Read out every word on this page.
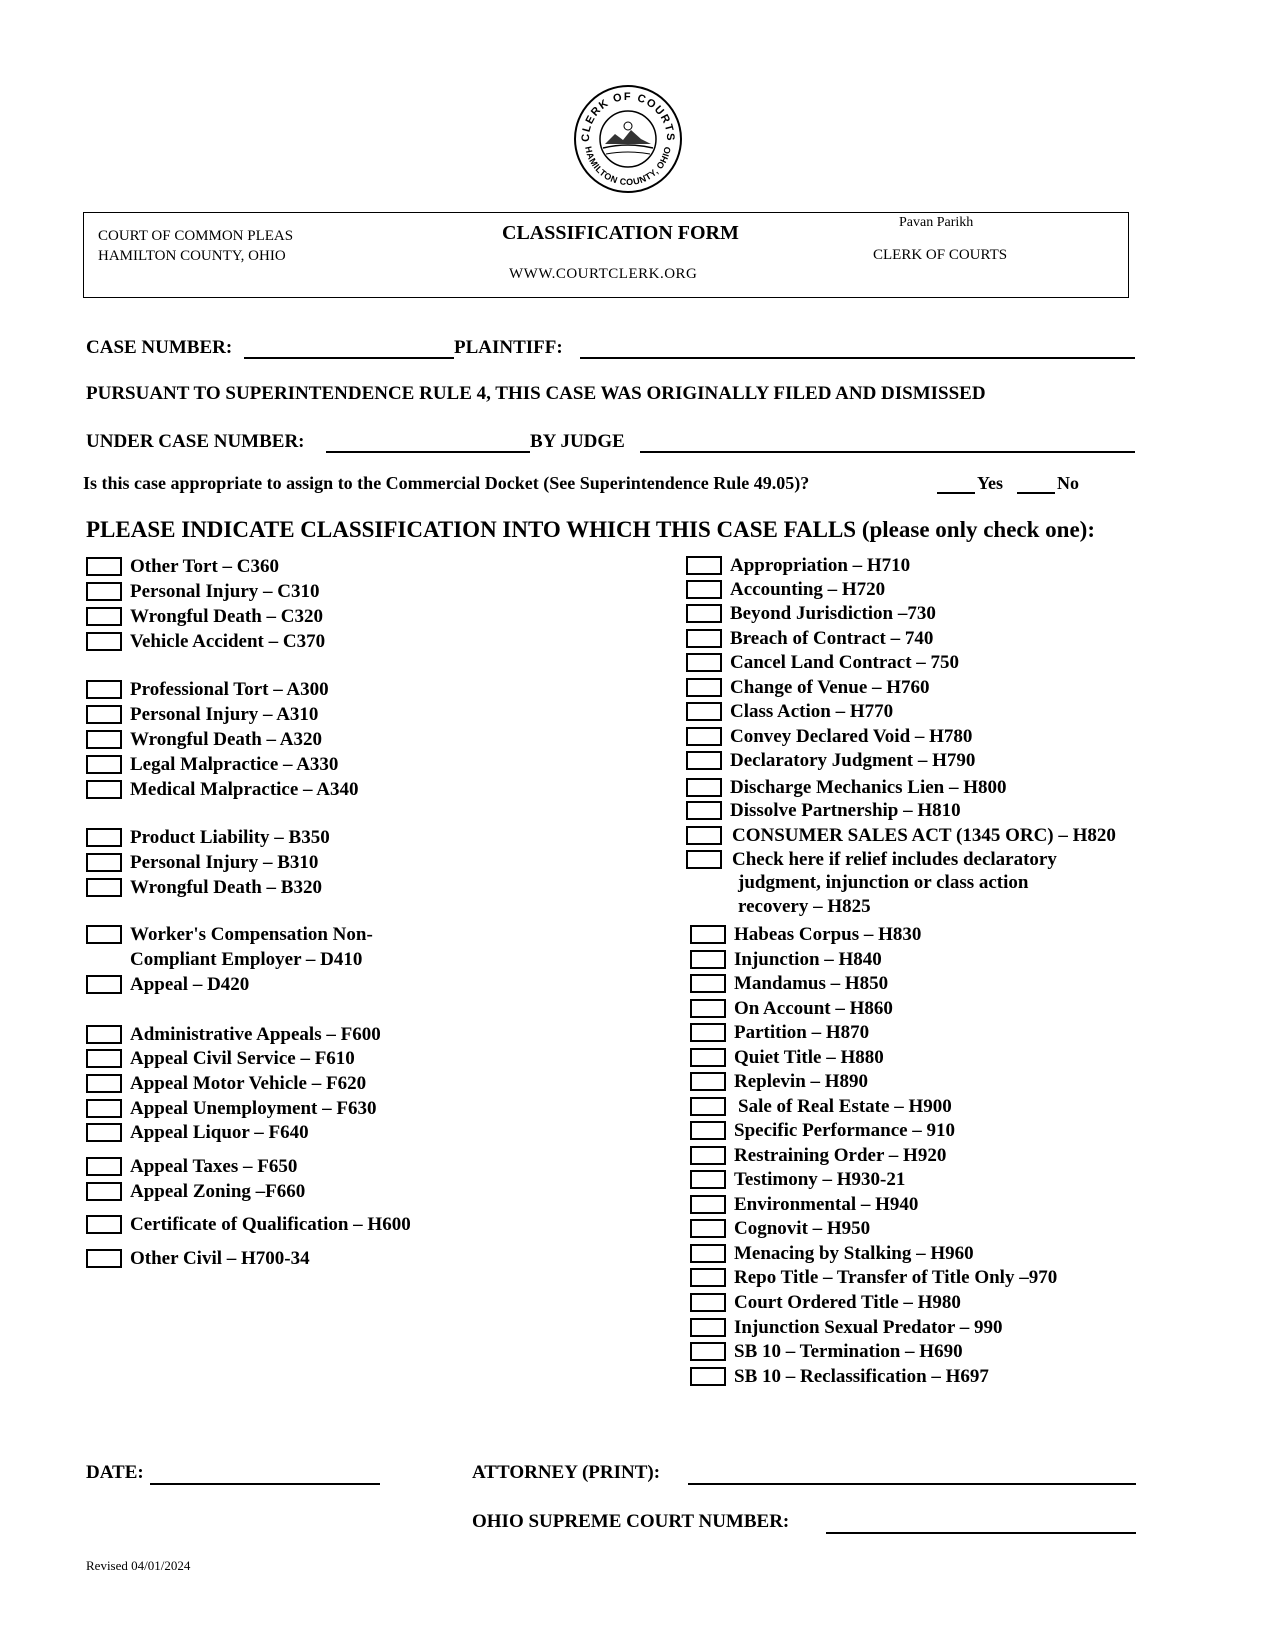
CLERK OF COURTS
HAMILTON COUNTY, OHIO
COURT OF COMMON PLEAS
HAMILTON COUNTY, OHIO
CLASSIFICATION FORM
WWW.COURTCLERK.ORG
Pavan Parikh
CLERK OF COURTS
CASE NUMBER:	PLAINTIFF:
PURSUANT TO SUPERINTENDENCE RULE 4, THIS CASE WAS ORIGINALLY FILED AND DISMISSED
UNDER CASE NUMBER:	BY JUDGE
Is this case appropriate to assign to the Commercial Docket (See Superintendence Rule 49.05)?	Yes	No
PLEASE INDICATE CLASSIFICATION INTO WHICH THIS CASE FALLS (please only check one):
Other Tort – C360
Personal Injury – C310
Wrongful Death – C320
Vehicle Accident – C370
Professional Tort – A300
Personal Injury – A310
Wrongful Death – A320
Legal Malpractice – A330
Medical Malpractice – A340
Product Liability – B350
Personal Injury – B310
Wrongful Death – B320
Worker's Compensation Non-
Compliant Employer – D410
Appeal – D420
Administrative Appeals – F600
Appeal Civil Service – F610
Appeal Motor Vehicle – F620
Appeal Unemployment – F630
Appeal Liquor – F640
Appeal Taxes – F650
Appeal Zoning –F660
Certificate of Qualification – H600
Other Civil – H700-34
Appropriation – H710
Accounting – H720
Beyond Jurisdiction –730
Breach of Contract – 740
Cancel Land Contract – 750
Change of Venue – H760
Class Action – H770
Convey Declared Void – H780
Declaratory Judgment – H790
Discharge Mechanics Lien – H800
Dissolve Partnership – H810
CONSUMER SALES ACT (1345 ORC) – H820
Check here if relief includes declaratory
judgment, injunction or class action
recovery – H825
Habeas Corpus – H830
Injunction – H840
Mandamus – H850
On Account – H860
Partition – H870
Quiet Title – H880
Replevin – H890
Sale of Real Estate – H900
Specific Performance – 910
Restraining Order – H920
Testimony – H930-21
Environmental – H940
Cognovit – H950
Menacing by Stalking – H960
Repo Title – Transfer of Title Only –970
Court Ordered Title – H980
Injunction Sexual Predator – 990
SB 10 – Termination – H690
SB 10 – Reclassification – H697
DATE:	ATTORNEY (PRINT):
OHIO SUPREME COURT NUMBER:
Revised 04/01/2024
